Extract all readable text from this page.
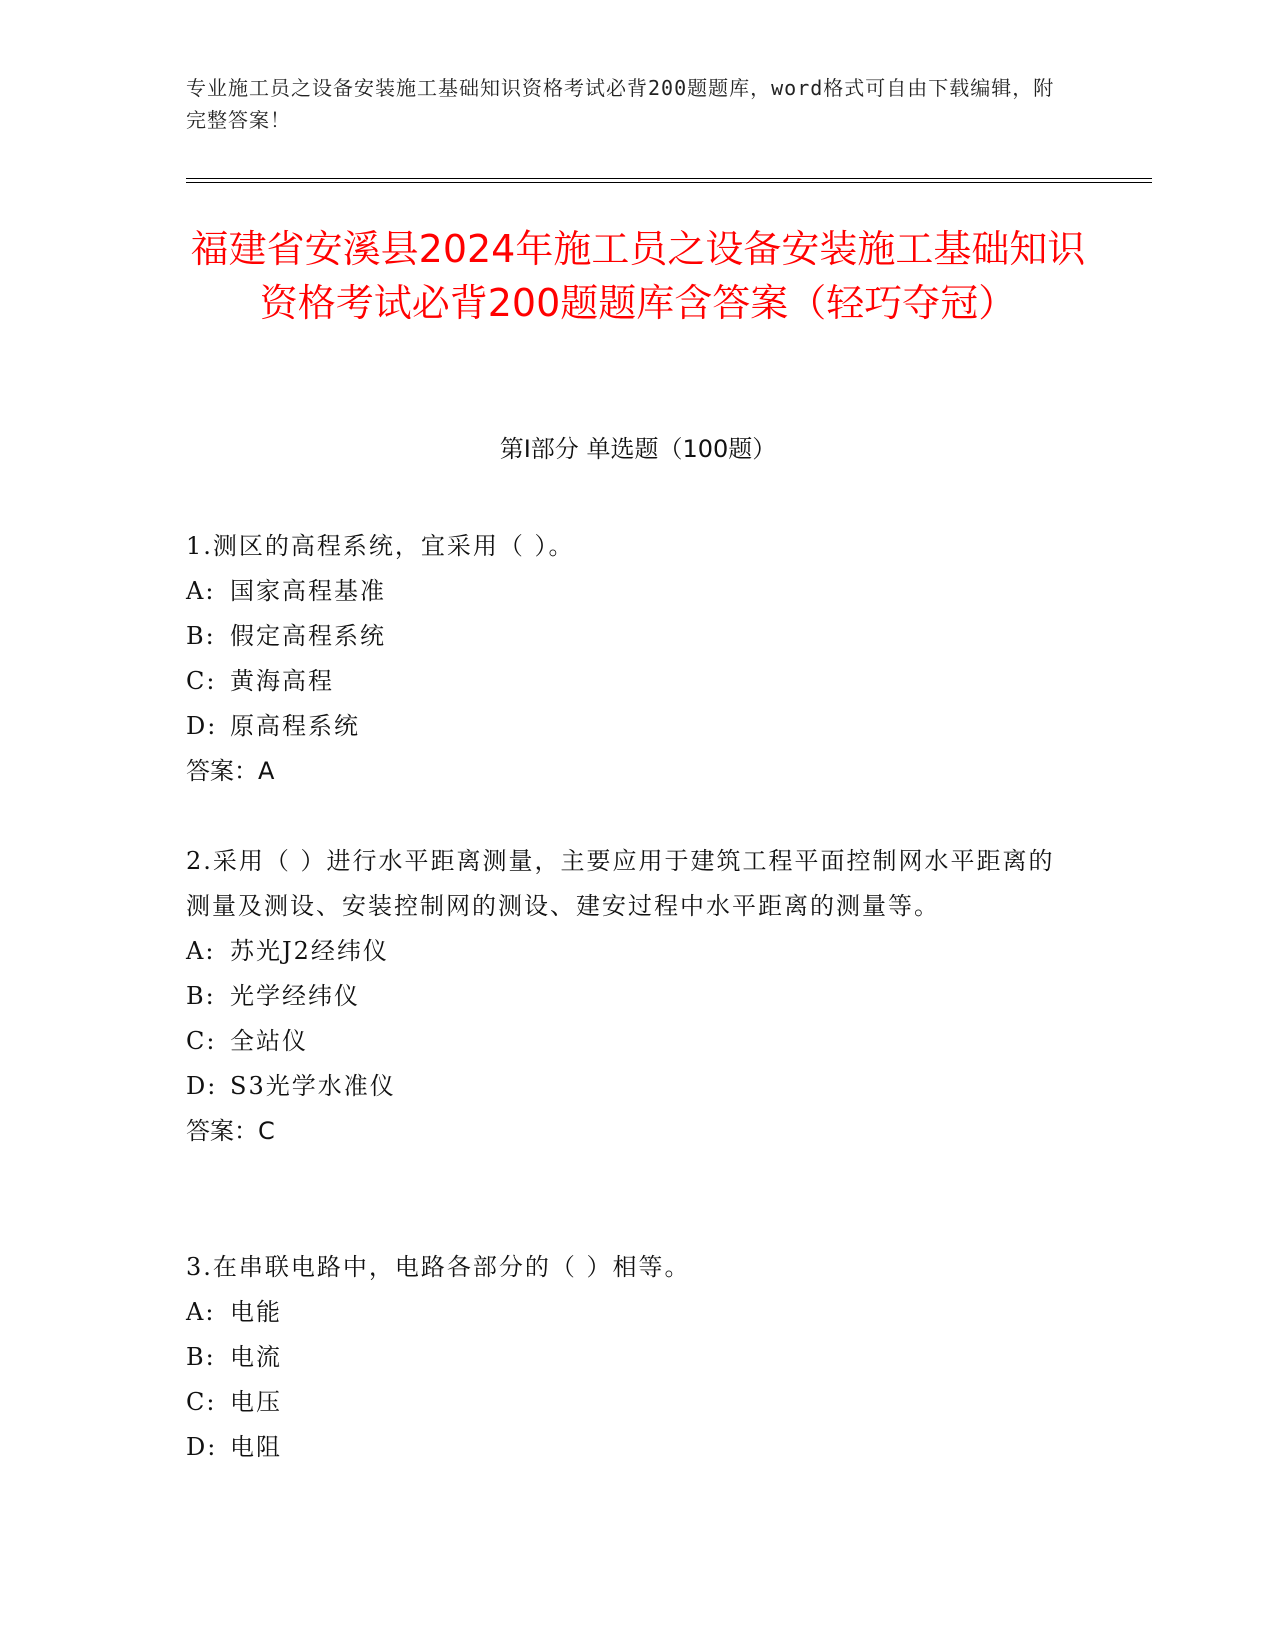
专业施工员之设备安装施工基础知识资格考试必背200题题库，word格式可自由下载编辑，附完整答案！
福建省安溪县2024年施工员之设备安装施工基础知识资格考试必背200题题库含答案（轻巧夺冠）
第Ⅰ部分 单选题（100题）
1.测区的高程系统，宜采用（ ）。
A: 国家高程基准
B: 假定高程系统
C: 黄海高程
D: 原高程系统
答案：A
2.采用（ ）进行水平距离测量，主要应用于建筑工程平面控制网水平距离的测量及测设、安装控制网的测设、建安过程中水平距离的测量等。
A: 苏光J2经纬仪
B: 光学经纬仪
C: 全站仪
D: S3光学水准仪
答案：C
3.在串联电路中，电路各部分的（ ）相等。
A: 电能
B: 电流
C: 电压
D: 电阻
